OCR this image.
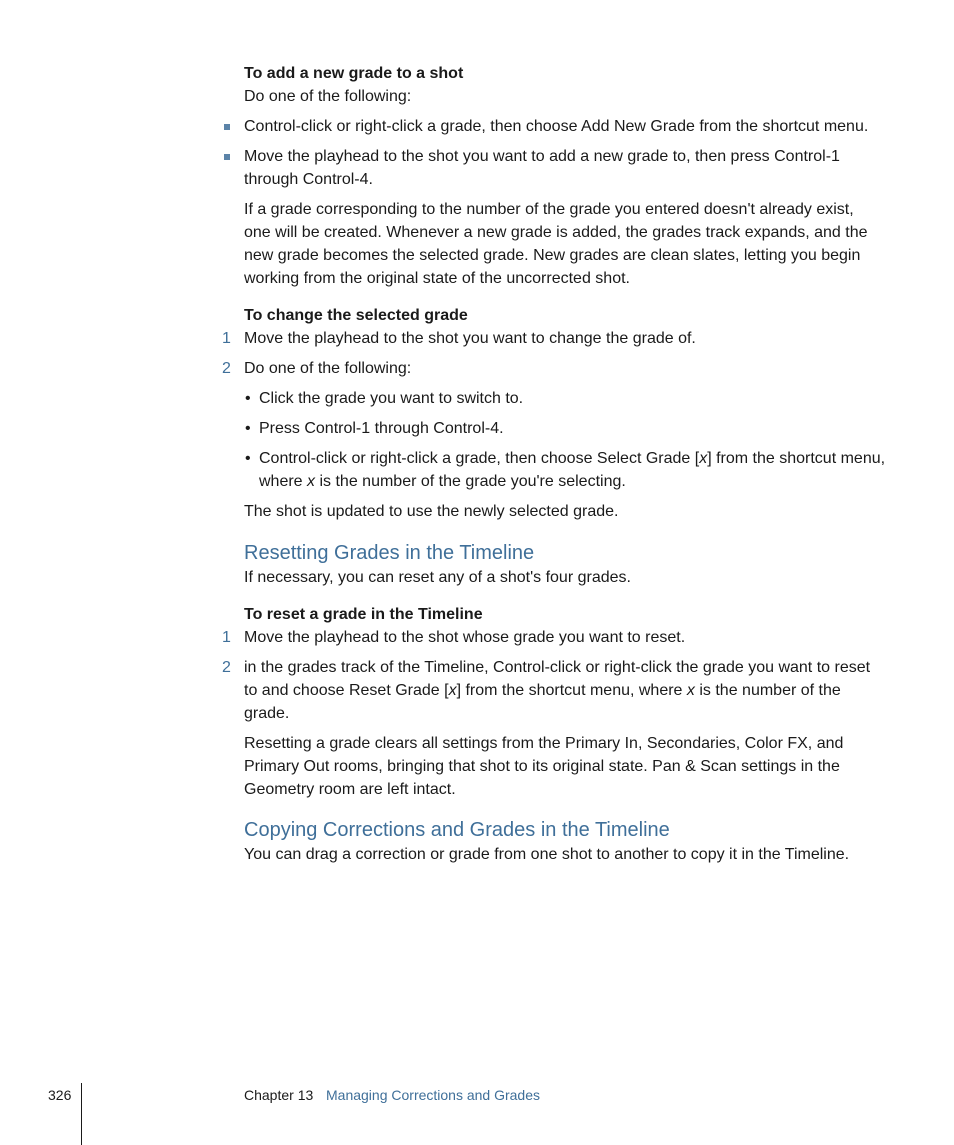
To add a new grade to a shot
Do one of the following:
Control-click or right-click a grade, then choose Add New Grade from the shortcut menu.
Move the playhead to the shot you want to add a new grade to, then press Control-1 through Control-4.
If a grade corresponding to the number of the grade you entered doesn't already exist, one will be created. Whenever a new grade is added, the grades track expands, and the new grade becomes the selected grade. New grades are clean slates, letting you begin working from the original state of the uncorrected shot.
To change the selected grade
1 Move the playhead to the shot you want to change the grade of.
2 Do one of the following:
• Click the grade you want to switch to.
• Press Control-1 through Control-4.
• Control-click or right-click a grade, then choose Select Grade [x] from the shortcut menu, where x is the number of the grade you're selecting.
The shot is updated to use the newly selected grade.
Resetting Grades in the Timeline
If necessary, you can reset any of a shot's four grades.
To reset a grade in the Timeline
1 Move the playhead to the shot whose grade you want to reset.
2 in the grades track of the Timeline, Control-click or right-click the grade you want to reset to and choose Reset Grade [x] from the shortcut menu, where x is the number of the grade.
Resetting a grade clears all settings from the Primary In, Secondaries, Color FX, and Primary Out rooms, bringing that shot to its original state. Pan & Scan settings in the Geometry room are left intact.
Copying Corrections and Grades in the Timeline
You can drag a correction or grade from one shot to another to copy it in the Timeline.
326	Chapter 13 Managing Corrections and Grades
